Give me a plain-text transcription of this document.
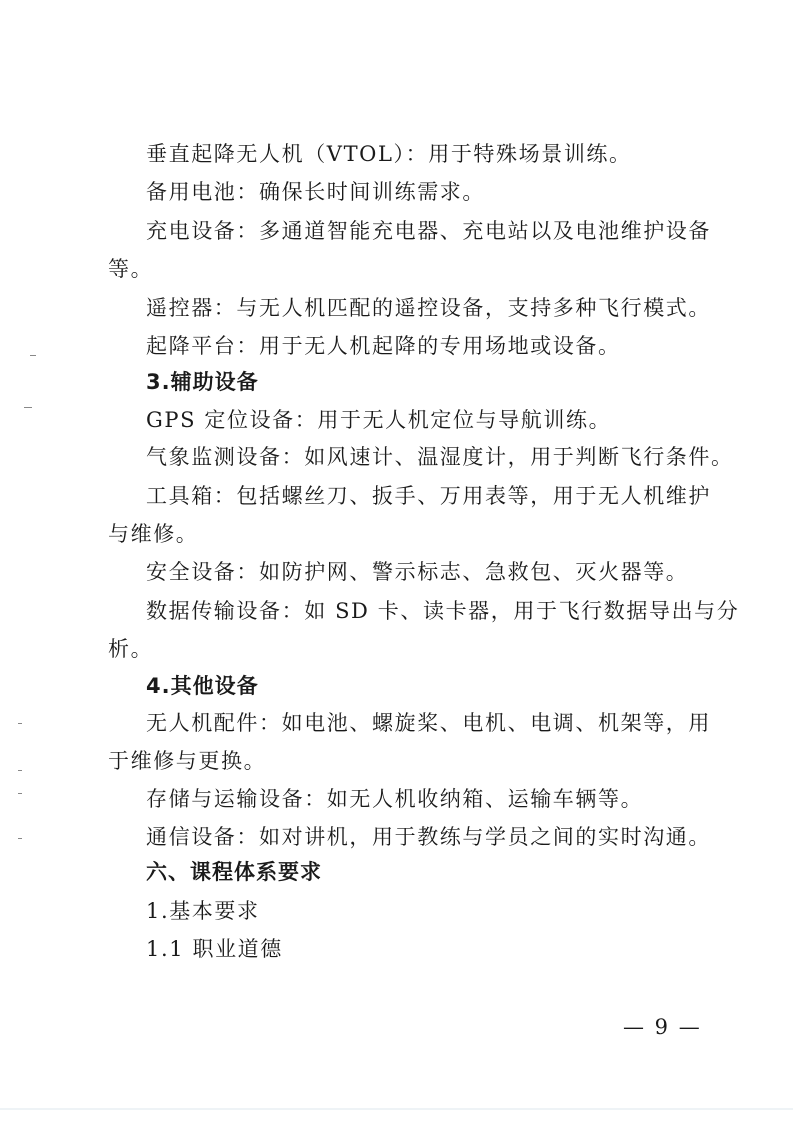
垂直起降无人机（VTOL）：用于特殊场景训练。
备用电池：确保长时间训练需求。
充电设备：多通道智能充电器、充电站以及电池维护设备
等。
遥控器：与无人机匹配的遥控设备，支持多种飞行模式。
起降平台：用于无人机起降的专用场地或设备。
3.辅助设备
GPS 定位设备：用于无人机定位与导航训练。
气象监测设备：如风速计、温湿度计，用于判断飞行条件。
工具箱：包括螺丝刀、扳手、万用表等，用于无人机维护
与维修。
安全设备：如防护网、警示标志、急救包、灭火器等。
数据传输设备：如 SD 卡、读卡器，用于飞行数据导出与分
析。
4.其他设备
无人机配件：如电池、螺旋桨、电机、电调、机架等，用
于维修与更换。
存储与运输设备：如无人机收纳箱、运输车辆等。
通信设备：如对讲机，用于教练与学员之间的实时沟通。
六、课程体系要求
1.基本要求
1.1 职业道德
— 9 —
